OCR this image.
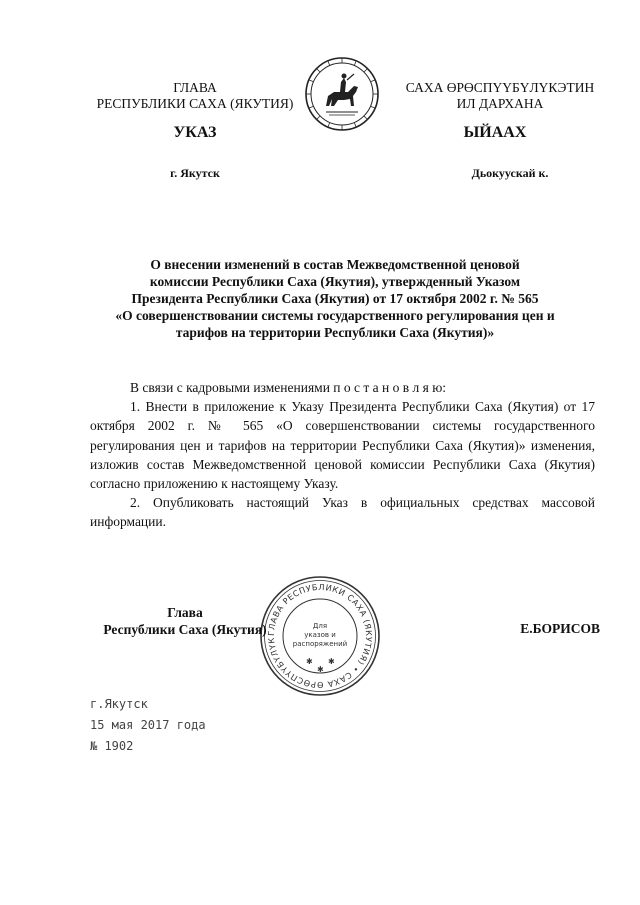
ГЛАВА
РЕСПУБЛИКИ САХА (ЯКУТИЯ)
САХА ӨРӨСПҮҮБҮЛҮКЭТИН
ИЛ ДАРХАНА
УКАЗ	ЫЙААХ
г. Якутск	Дьокуускай к.
О внесении изменений в состав Межведомственной ценовой
комиссии Республики Саха (Якутия), утвержденный Указом
Президента Республики Саха (Якутия) от 17 октября 2002 г. № 565
«О совершенствовании системы государственного регулирования цен и
тарифов на территории Республики Саха (Якутия)»

В связи с кадровыми изменениями п о с т а н о в л я ю:

1. Внести в приложение к Указу Президента Республики Саха (Якутия) от 17 октября 2002 г. № 565 «О совершенствовании системы государственного регулирования цен и тарифов на территории Республики Саха (Якутия)» изменения, изложив состав Межведомственной ценовой комиссии Республики Саха (Якутия) согласно приложению к настоящему Указу.

2. Опубликовать настоящий Указ в официальных средствах массовой информации.

ГЛАВА РЕСПУБЛИКИ САХА (ЯКУТИЯ) • САХА ӨРӨСПҮҮБҮЛҮК
Для
указов и
распоряжений
✱ ✱
✱
Глава
Республики Саха (Якутия)	Е.БОРИСОВ
г.Якутск
15 мая 2017 года
№ 1902
